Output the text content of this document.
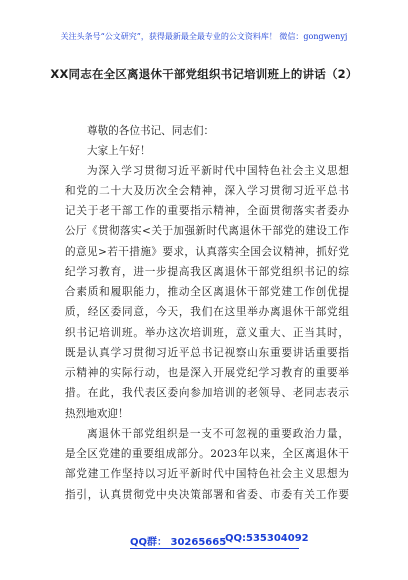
关注头条号“公文研究”，获得最新最全最专业的公文资料库！ 微信：gongwenyj
XX同志在全区离退休干部党组织书记培训班上的讲话（2）
尊敬的各位书记、同志们：
大家上午好！
为深入学习贯彻习近平新时代中国特色社会主义思想
和党的二十大及历次全会精神，深入学习贯彻习近平总书
记关于老干部工作的重要指示精神，全面贯彻落实者委办
公厅《贯彻落实<关于加强新时代离退休干部党的建设工作
的意见>若干措施》要求，认真落实全国会议精神，抓好党
纪学习教育，进一步提高我区离退休干部党组织书记的综
合素质和履职能力，推动全区离退休干部党建工作创优提
质，经区委同意，今天，我们在这里举办离退休干部党组
织书记培训班。举办这次培训班，意义重大、正当其时，
既是认真学习贯彻习近平总书记视察山东重要讲话重要指
示精神的实际行动，也是深入开展党纪学习教育的重要举
措。在此，我代表区委向参加培训的老领导、老同志表示
热烈地欢迎！
离退休干部党组织是一支不可忽视的重要政治力量，
是全区党建的重要组成部分。2023年以来，全区离退休干
部党建工作坚持以习近平新时代中国特色社会主义思想为
指引，认真贯彻党中央决策部署和省委、市委有关工作要
QQ群： 30265665
QQ:535304092
